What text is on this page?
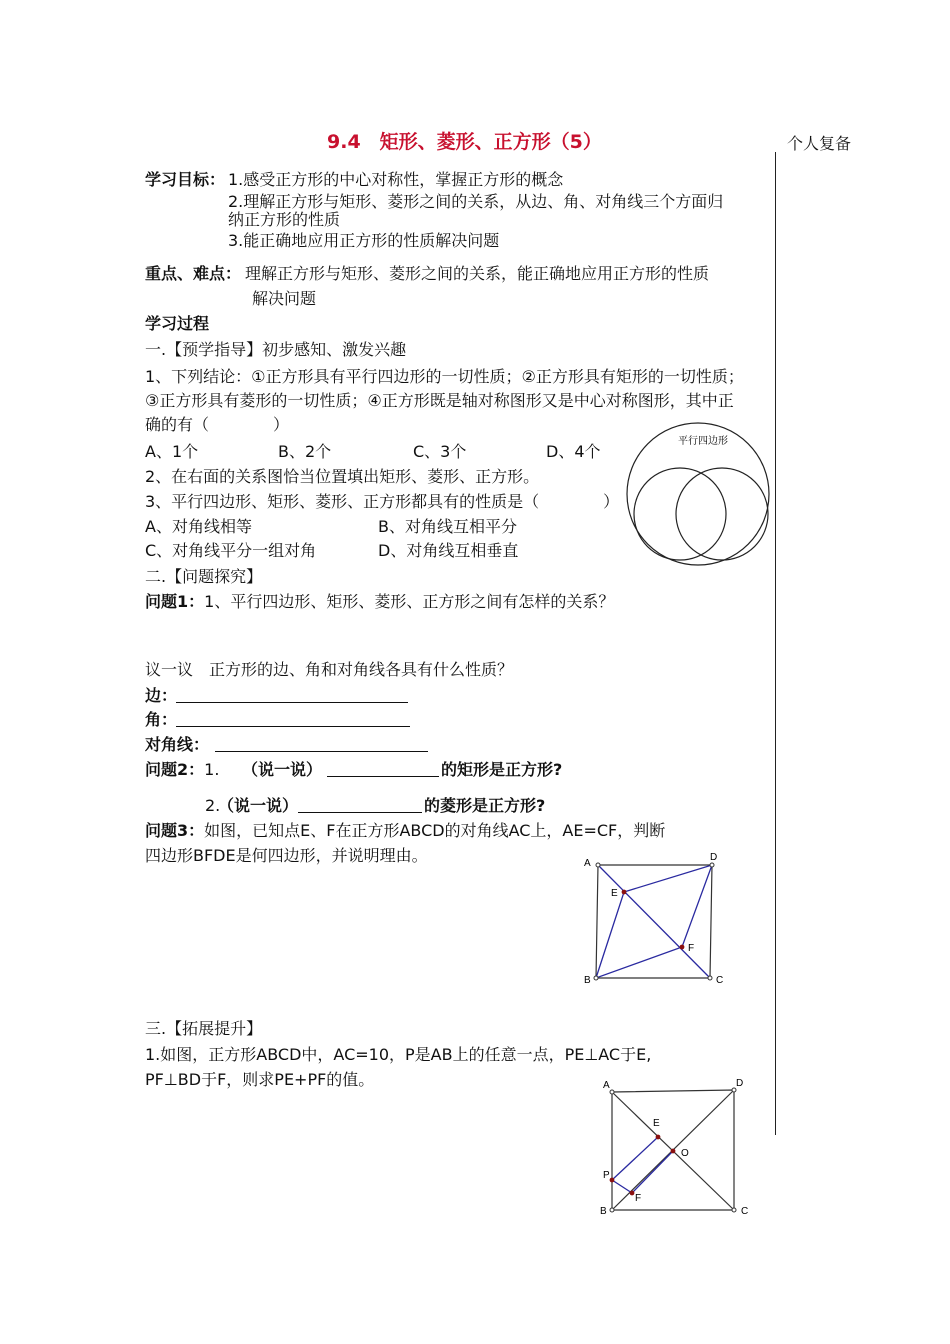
9.4　矩形、菱形、正方形（5）	个人复备
学习目标： 1.感受正方形的中心对称性，掌握正方形的概念
2.理解正方形与矩形、菱形之间的关系，从边、角、对角线三个方面归
纳正方形的性质
3.能正确地应用正方形的性质解决问题
重点、难点： 理解正方形与矩形、菱形之间的关系，能正确地应用正方形的性质
解决问题
学习过程
一.【预学指导】初步感知、激发兴趣
1、下列结论：①正方形具有平行四边形的一切性质；②正方形具有矩形的一切性质；
③正方形具有菱形的一切性质；④正方形既是轴对称图形又是中心对称图形，其中正
确的有（　　　　）
A、1个	B、2个	C、3个	D、4个
2、在右面的关系图恰当位置填出矩形、菱形、正方形。
3、平行四边形、矩形、菱形、正方形都具有的性质是（　　　　）
A、对角线相等	B、对角线互相平分
C、对角线平分一组对角	D、对角线互相垂直
平行四边形
二.【问题探究】
问题1：1、平行四边形、矩形、菱形、正方形之间有怎样的关系？
议一议　正方形的边、角和对角线各具有什么性质？
边：
角：
对角线：
问题2：1. （说一说）	的矩形是正方形?
2.
（说一说）	的菱形是正方形?
问题3：如图，已知点E、F在正方形ABCD的对角线AC上，AE=CF，判断
四边形BFDE是何四边形，并说明理由。	A
D
E
F
B	C
三.【拓展提升】
1.如图，正方形ABCD中，AC=10，P是AB上的任意一点，PE⊥AC于E,
PF⊥BD于F，则求PE+PF的值。	A	D
E
O
P
F
B	C
